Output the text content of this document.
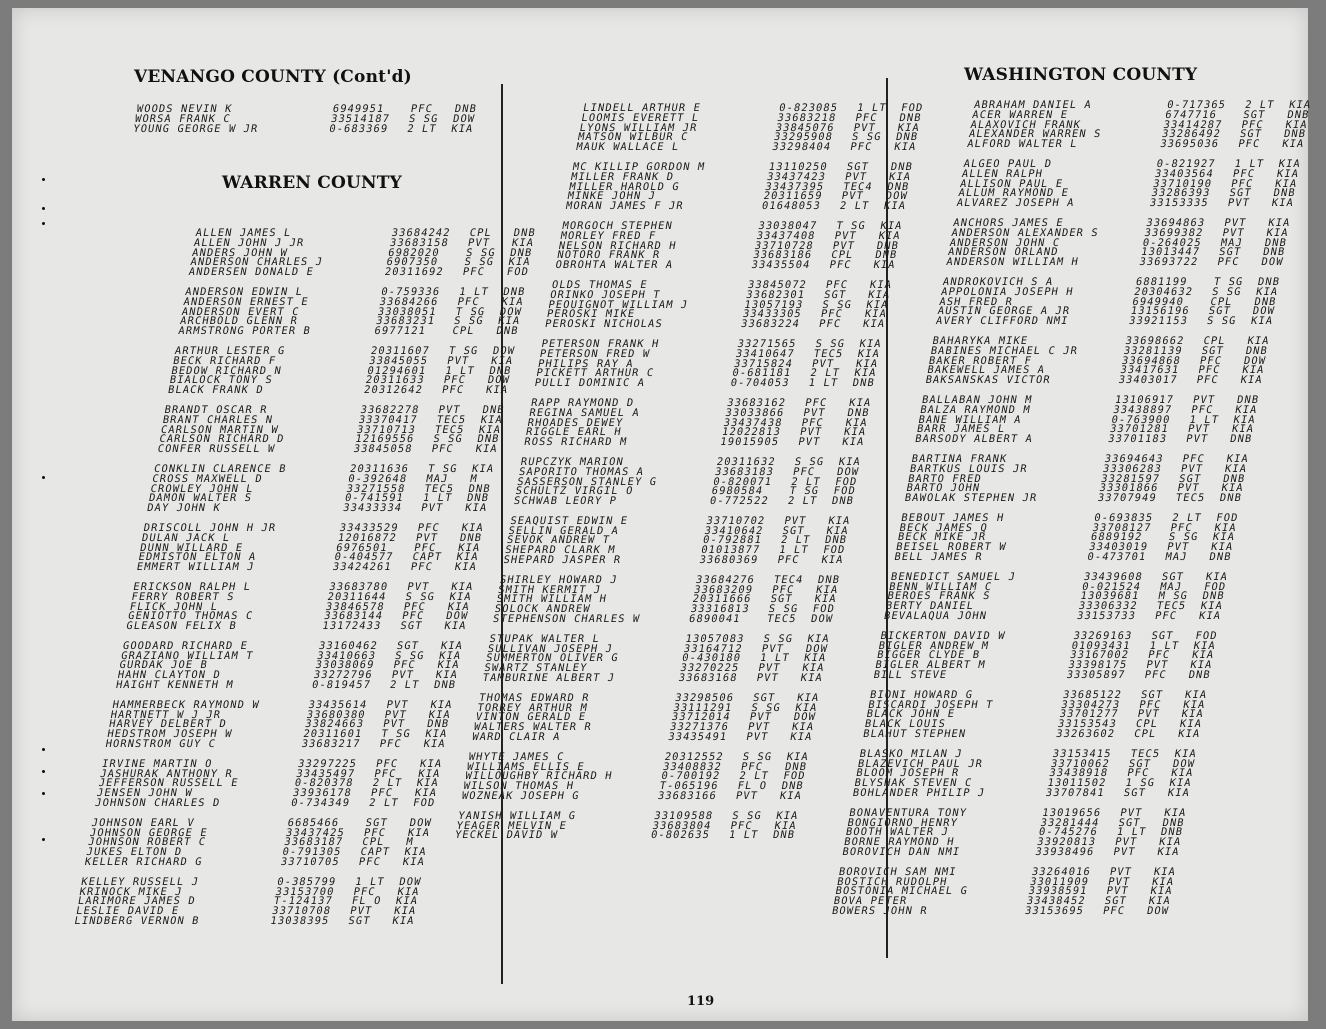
VENANGO COUNTY (Cont'd)
WOODS NEVIN K	6949951	PFC	DNB
WORSA FRANK C	33514187	S SG	DOW
YOUNG GEORGE W JR	0-683369	2 LT	KIA
WARREN COUNTY
ALLEN JAMES L	33684242	CPL	DNB
ALLEN JOHN J JR	33683158	PVT	KIA
ANDERS JOHN W	6982020	S SG	DNB
ANDERSON CHARLES J	6907350	S SG	KIA
ANDERSEN DONALD E	20311692	PFC	FOD
ANDERSON EDWIN L	0-759336	1 LT	DNB
ANDERSON ERNEST E	33684266	PFC	KIA
ANDERSON EVERT C	33038051	T SG	DOW
ARCHBOLD GLENN R	33683231	S SG	KIA
ARMSTRONG PORTER B	6977121	CPL	DNB
ARTHUR LESTER G	20311607	T SG	DOW
BECK RICHARD F	33845055	PVT	KIA
BEDOW RICHARD N	01294601	1 LT	DNB
BIALOCK TONY S	20311633	PFC	DOW
BLACK FRANK D	20312642	PFC	KIA
BRANDT OSCAR R	33682278	PVT	DNB
BRANT CHARLES N	33370417	TEC5	KIA
CARLSON MARTIN W	33710713	TEC5	KIA
CARLSON RICHARD D	12169556	S SG	DNB
CONFER RUSSELL W	33845058	PFC	KIA
CONKLIN CLARENCE B	20311636	T SG	KIA
CROSS MAXWELL D	0-392648	MAJ	M
CROWLEY JOHN L	33271558	TEC5	DNB
DAMON WALTER S	0-741591	1 LT	DNB
DAY JOHN K	33433334	PVT	KIA
DRISCOLL JOHN H JR	33433529	PFC	KIA
DULAN JACK L	12016872	PVT	DNB
DUNN WILLARD E	6976501	PFC	KIA
EDMISTON ELTON A	0-404577	CAPT	KIA
EMMERT WILLIAM J	33424261	PFC	KIA
ERICKSON RALPH L	33683780	PVT	KIA
FERRY ROBERT S	20311644	S SG	KIA
FLICK JOHN L	33846578	PFC	KIA
GENIOTTO THOMAS C	33683144	PFC	DOW
GLEASON FELIX B	13172433	SGT	KIA
GOODARD RICHARD E	33160462	SGT	KIA
GRAZIANO WILLIAM T	33410663	S SG	KIA
GURDAK JOE B	33038069	PFC	KIA
HAHN CLAYTON D	33272796	PVT	KIA
HAIGHT KENNETH M	0-819457	2 LT	DNB
HAMMERBECK RAYMOND W	33435614	PVT	KIA
HARTNETT W J JR	33680380	PVT	KIA
HARVEY DELBERT D	33824663	PVT	DNB
HEDSTROM JOSEPH W	20311601	T SG	KIA
HORNSTROM GUY C	33683217	PFC	KIA
IRVINE MARTIN O	33297225	PFC	KIA
JASHURAK ANTHONY R	33435497	PFC	KIA
JEFFERSON RUSSELL E	0-820378	2 LT	KIA
JENSEN JOHN W	33936178	PFC	KIA
JOHNSON CHARLES D	0-734349	2 LT	FOD
JOHNSON EARL V	6685466	SGT	DOW
JOHNSON GEORGE E	33437425	PFC	KIA
JOHNSON ROBERT C	33683187	CPL	M
JUKES ELTON D	0-791305	CAPT	KIA
KELLER RICHARD G	33710705	PFC	KIA
KELLEY RUSSELL J	0-385799	1 LT	DOW
KRINOCK MIKE J	33153700	PFC	KIA
LARIMORE JAMES D	T-124137	FL O	KIA
LESLIE DAVID E	33710708	PVT	KIA
LINDBERG VERNON B	13038395	SGT	KIA
LINDELL ARTHUR E	0-823085	1 LT	FOD
LOOMIS EVERETT L	33683218	PFC	DNB
LYONS WILLIAM JR	33845076	PVT	KIA
MATSON WILBUR C	33295908	S SG	DNB
MAUK WALLACE L	33298404	PFC	KIA
MC KILLIP GORDON M	13110250	SGT	DNB
MILLER FRANK D	33437423	PVT	KIA
MILLER HAROLD G	33437395	TEC4	DNB
MINKE JOHN J	20311659	PVT	DOW
MORAN JAMES F JR	01648053	2 LT	KIA
MORGOCH STEPHEN	33038047	T SG	KIA
MORLEY FRED F	33437408	PVT	KIA
NELSON RICHARD H	33710728	PVT	DNB
NOTORO FRANK R	33683186	CPL	DNB
OBROHTA WALTER A	33435504	PFC	KIA
OLDS THOMAS E	33845072	PFC	KIA
ORINKO JOSEPH T	33682301	SGT	KIA
PEOUIGNOT WILLIAM J	13057193	S SG	KIA
PEROSKI MIKE	33433305	PFC	KIA
PEROSKI NICHOLAS	33683224	PFC	KIA
PETERSON FRANK H	33271565	S SG	KIA
PETERSON FRED W	33410647	TEC5	KIA
PHILIPS RAY A	33715824	PVT	KIA
PICKETT ARTHUR C	0-681181	2 LT	KIA
PULLI DOMINIC A	0-704053	1 LT	DNB
RAPP RAYMOND D	33683162	PFC	KIA
REGINA SAMUEL A	33033866	PVT	DNB
RHOADES DEWEY	33437438	PFC	KIA
RIGGLE EARL H	12022813	PVT	KIA
ROSS RICHARD M	19015905	PVT	KIA
RUPCZYK MARION	20311632	S SG	KIA
SAPORITO THOMAS A	33683183	PFC	DOW
SASSERSON STANLEY G	0-820071	2 LT	FOD
SCHULTZ VIRGIL O	6980584	T SG	FOD
SCHWAB LEORY P	0-772522	2 LT	DNB
SEAQUIST EDWIN E	33710702	PVT	KIA
SELLIN GERALD A	33410642	SGT	KIA
SEVOK ANDREW T	0-792881	2 LT	DNB
SHEPARD CLARK M	01013877	1 LT	FOD
SHEPARD JASPER R	33680369	PFC	KIA
SHIRLEY HOWARD J	33684276	TEC4	DNB
SMITH KERMIT J	33683209	PFC	KIA
SMITH WILLIAM H	20311666	SGT	KIA
SOLOCK ANDREW	33316813	S SG	FOD
STEPHENSON CHARLES W	6890041	TEC5	DOW
STUPAK WALTER L	13057083	S SG	KIA
SULLIVAN JOSEPH J	33164712	PVT	DOW
SUMMERTON OLIVER G	0-430180	1 LT	KIA
SWARTZ STANLEY	33270225	PVT	KIA
TAMBURINE ALBERT J	33683168	PVT	KIA
THOMAS EDWARD R	33298506	SGT	KIA
TORREY ARTHUR M	33111291	S SG	KIA
VINTON GERALD E	33712014	PVT	DOW
WALTERS WALTER R	33271376	PVT	KIA
WARD CLAIR A	33435491	PVT	KIA
WHYTE JAMES C	20312552	S SG	KIA
WILLIAMS ELLIS E	33408832	PFC	DNB
WILLOUGHBY RICHARD H	0-700192	2 LT	FOD
WILSON THOMAS H	T-065196	FL O	DNB
WOZNEAK JOSEPH G	33683166	PVT	KIA
YANISH WILLIAM G	33109588	S SG	KIA
YEAGER MELVIN E	33683804	PFC	KIA
YECKEL DAVID W	0-802635	1 LT	DNB
WASHINGTON COUNTY
ABRAHAM DANIEL A	0-717365	2 LT	KIA
ACER WARREN E	6747716	SGT	DNB
ALAXOVICH FRANK	33414287	PFC	KIA
ALEXANDER WARREN S	33286492	SGT	DNB
ALFORD WALTER L	33695036	PFC	KIA
ALGEO PAUL D	0-821927	1 LT	KIA
ALLEN RALPH	33403564	PFC	KIA
ALLISON PAUL E	33710190	PFC	KIA
ALLUM RAYMOND E	33286393	SGT	DNB
ALVAREZ JOSEPH A	33153335	PVT	KIA
ANCHORS JAMES E	33694863	PVT	KIA
ANDERSON ALEXANDER S	33699382	PVT	KIA
ANDERSON JOHN C	0-264025	MAJ	DNB
ANDERSON ORLAND	13013447	SGT	DNB
ANDERSON WILLIAM H	33693722	PFC	DOW
ANDROKOVICH S A	6881199	T SG	DNB
APPOLONIA JOSEPH H	20304632	S SG	KIA
ASH FRED R	6949940	CPL	DNB
AUSTIN GEORGE A JR	13156196	SGT	DOW
AVERY CLIFFORD NMI	33921153	S SG	KIA
BAHARYKA MIKE	33698662	CPL	KIA
BABINES MICHAEL C JR	33281139	SGT	DNB
BAKER ROBERT F	33694868	PFC	DOW
BAKEWELL JAMES A	33417631	PFC	KIA
BAKSANSKAS VICTOR	33403017	PFC	KIA
BALLABAN JOHN M	13106917	PVT	DNB
BALZA RAYMOND M	33438897	PFC	KIA
BANE WILLIAM A	0-763900	1 LT	KIA
BARR JAMES L	33701281	PVT	KIA
BARSODY ALBERT A	33701183	PVT	DNB
BARTINA FRANK	33694643	PFC	KIA
BARTKUS LOUIS JR	33306283	PVT	KIA
BARTO FRED	33281597	SGT	DNB
BARTO JOHN	33301866	PVT	KIA
BAWOLAK STEPHEN JR	33707949	TEC5	DNB
BEBOUT JAMES H	0-693835	2 LT	FOD
BECK JAMES Q	33708127	PFC	KIA
BECK MIKE JR	6889192	S SG	KIA
BEISEL ROBERT W	33403019	PVT	KIA
BELL JAMES R	0-473701	MAJ	DNB
BENEDICT SAMUEL J	33439608	SGT	KIA
BENN WILLIAM C	0-021524	MAJ	FOD
BEROES FRANK S	13039681	M SG	DNB
BERTY DANIEL	33306332	TEC5	KIA
BEVALAQUA JOHN	33153733	PFC	KIA
BICKERTON DAVID W	33269163	SGT	FOD
BIGLER ANDREW M	01093431	1 LT	KIA
BIGGER CLYDE B	33167002	PFC	KIA
BIGLER ALBERT M	33398175	PVT	KIA
BILL STEVE	33305897	PFC	DNB
BIONI HOWARD G	33685122	SGT	KIA
BISCARDI JOSEPH T	33304273	PFC	KIA
BLACK JOHN E	33701277	PVT	KIA
BLACK LOUIS	33153543	CPL	KIA
BLAHUT STEPHEN	33263602	CPL	KIA
BLASKO MILAN J	33153415	TEC5	KIA
BLAZEVICH PAUL JR	33710062	SGT	DOW
BLOOM JOSEPH R	33438918	PFC	KIA
BLYSHAK STEVEN C	13011502	1 SG	KIA
BOHLANDER PHILIP J	33707841	SGT	KIA
BONAVENTURA TONY	13019656	PVT	KIA
BONGIORNO HENRY	33281444	SGT	DNB
BOOTH WALTER J	0-745276	1 LT	DNB
BORNE RAYMOND H	33920813	PVT	KIA
BOROVICH DAN NMI	33938496	PVT	KIA
BOROVICH SAM NMI	33264016	PVT	KIA
BOSTICH RUDOLPH	33011909	PVT	KIA
BOSTONIA MICHAEL G	33938591	PVT	KIA
BOVA PETER	33438452	SGT	KIA
BOWERS JOHN R	33153695	PFC	DOW
119
